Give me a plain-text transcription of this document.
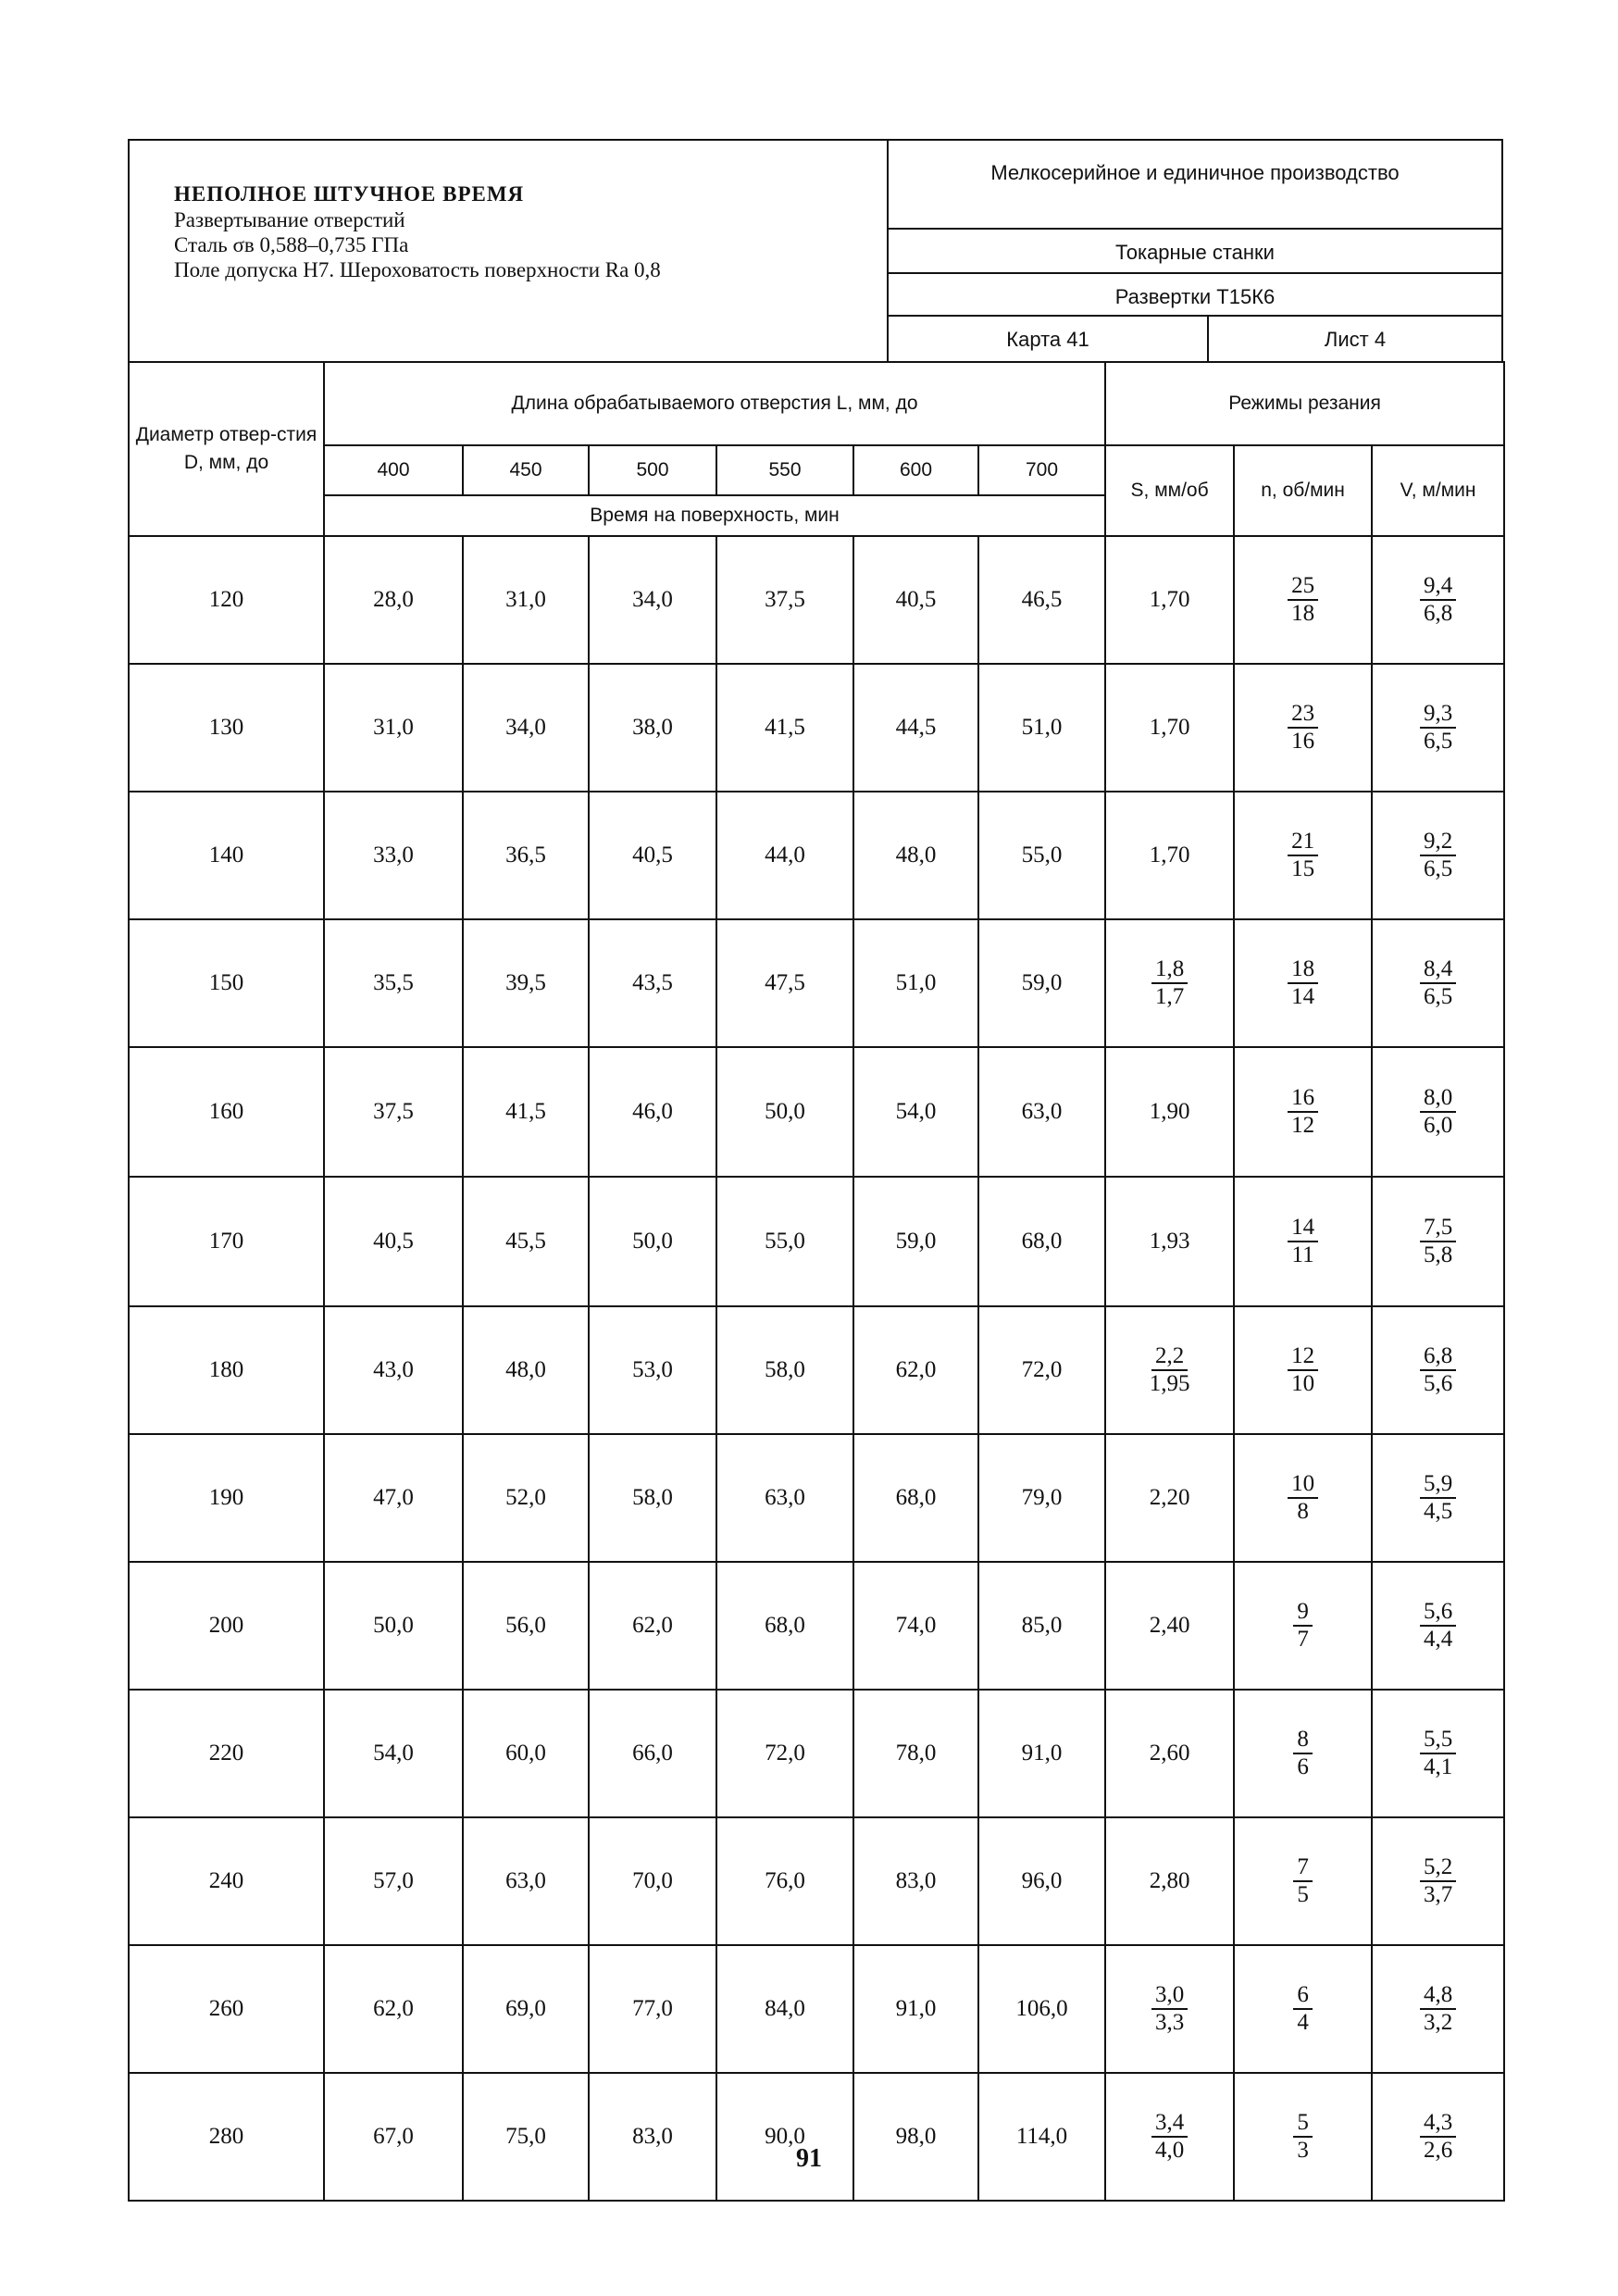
НЕПОЛНОЕ ШТУЧНОЕ ВРЕМЯ
Развертывание отверстий
Сталь σв 0,588–0,735 ГПа
Поле допуска Н7. Шероховатость поверхности Ra 0,8
Мелкосерийное и единичное производство
Токарные станки
Развертки Т15К6
Карта 41	Лист 4
Диаметр отвер-стия D, мм, до	Длина обрабатываемого отверстия L, мм, до						Режимы резания		
	400	450	500	550	600	700	S, мм/об	n, об/мин	V, м/мин
	Время на поверхность, мин								
120	28,0	31,0	34,0	37,5	40,5	46,5	1,70	$\frac{25}{18}$	$\frac{9,4}{6,8}$

130	31,0	34,0	38,0	41,5	44,5	51,0	1,70	$\frac{23}{16}$	$\frac{9,3}{6,5}$

140	33,0	36,5	40,5	44,0	48,0	55,0	1,70	$\frac{21}{15}$	$\frac{9,2}{6,5}$

150	35,5	39,5	43,5	47,5	51,0	59,0	$\frac{1,8}{1,7}$	$\frac{18}{14}$	$\frac{8,4}{6,5}$

160	37,5	41,5	46,0	50,0	54,0	63,0	1,90	$\frac{16}{12}$	$\frac{8,0}{6,0}$

170	40,5	45,5	50,0	55,0	59,0	68,0	1,93	$\frac{14}{11}$	$\frac{7,5}{5,8}$

180	43,0	48,0	53,0	58,0	62,0	72,0	$\frac{2,2}{1,95}$	$\frac{12}{10}$	$\frac{6,8}{5,6}$

190	47,0	52,0	58,0	63,0	68,0	79,0	2,20	$\frac{10}{8}$	$\frac{5,9}{4,5}$

200	50,0	56,0	62,0	68,0	74,0	85,0	2,40	$\frac{9}{7}$	$\frac{5,6}{4,4}$

220	54,0	60,0	66,0	72,0	78,0	91,0	2,60	$\frac{8}{6}$	$\frac{5,5}{4,1}$

240	57,0	63,0	70,0	76,0	83,0	96,0	2,80	$\frac{7}{5}$	$\frac{5,2}{3,7}$

260	62,0	69,0	77,0	84,0	91,0	106,0	$\frac{3,0}{3,3}$	$\frac{6}{4}$	$\frac{4,8}{3,2}$

280	67,0	75,0	83,0	90,0	98,0	114,0	$\frac{3,4}{4,0}$	$\frac{5}{3}$	$\frac{4,3}{2,6}$
91
